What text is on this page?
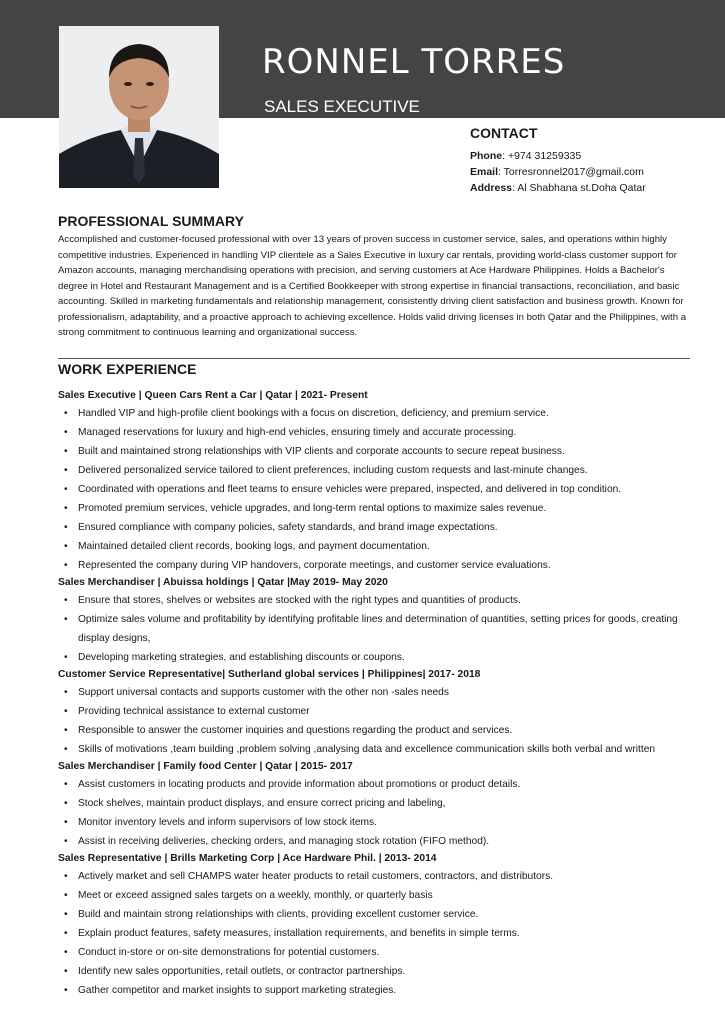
RONNEL TORRES
SALES EXECUTIVE
CONTACT
Phone: +974 31259335
Email: Torresronnel2017@gmail.com
Address: Al Shabhana st.Doha Qatar
PROFESSIONAL SUMMARY

Accomplished and customer-focused professional with over 13 years of proven success in customer service, sales, and operations within highly competitive industries. Experienced in handling VIP clientele as a Sales Executive in luxury car rentals, providing world-class customer support for Amazon accounts, managing merchandising operations with precision, and serving customers at Ace Hardware Philippines. Holds a Bachelor's degree in Hotel and Restaurant Management and is a Certified Bookkeeper with strong expertise in financial transactions, reconciliation, and basic accounting. Skilled in marketing fundamentals and relationship management, consistently driving client satisfaction and business growth. Known for professionalism, adaptability, and a proactive approach to achieving excellence. Holds valid driving licenses in both Qatar and the Philippines, with a strong commitment to continuous learning and organizational success.

WORK EXPERIENCE
Sales Executive | Queen Cars Rent a Car | Qatar | 2021- Present
• Handled VIP and high-profile client bookings with a focus on discretion, deficiency, and premium service.
• Managed reservations for luxury and high-end vehicles, ensuring timely and accurate processing.
• Built and maintained strong relationships with VIP clients and corporate accounts to secure repeat business.
• Delivered personalized service tailored to client preferences, including custom requests and last-minute changes.
• Coordinated with operations and fleet teams to ensure vehicles were prepared, inspected, and delivered in top condition.
• Promoted premium services, vehicle upgrades, and long-term rental options to maximize sales revenue.
• Ensured compliance with company policies, safety standards, and brand image expectations.
• Maintained detailed client records, booking logs, and payment documentation.
• Represented the company during VIP handovers, corporate meetings, and customer service evaluations.
Sales Merchandiser | Abuissa holdings | Qatar |May 2019- May 2020
• Ensure that stores, shelves or websites are stocked with the right types and quantities of products.
• Optimize sales volume and profitability by identifying profitable lines and determination of quantities, setting prices for goods, creating display designs,
• Developing marketing strategies, and establishing discounts or coupons.
Customer Service Representative| Sutherland global services | Philippines| 2017- 2018
• Support universal contacts and supports customer with the other non -sales needs
• Providing technical assistance to external customer
• Responsible to answer the customer inquiries and questions regarding the product and services.
• Skills of motivations ,team building ,problem solving ,analysing data and excellence communication skills both verbal and written
Sales Merchandiser | Family food Center | Qatar | 2015- 2017
• Assist customers in locating products and provide information about promotions or product details.
• Stock shelves, maintain product displays, and ensure correct pricing and labeling,
• Monitor inventory levels and inform supervisors of low stock items.
• Assist in receiving deliveries, checking orders, and managing stock rotation (FIFO method).
Sales Representative | Brills Marketing Corp | Ace Hardware Phil. | 2013- 2014
• Actively market and sell CHAMPS water heater products to retail customers, contractors, and distributors.
• Meet or exceed assigned sales targets on a weekly, monthly, or quarterly basis
• Build and maintain strong relationships with clients, providing excellent customer service.
• Explain product features, safety measures, installation requirements, and benefits in simple terms.
• Conduct in-store or on-site demonstrations for potential customers.
• Identify new sales opportunities, retail outlets, or contractor partnerships.
• Gather competitor and market insights to support marketing strategies.
